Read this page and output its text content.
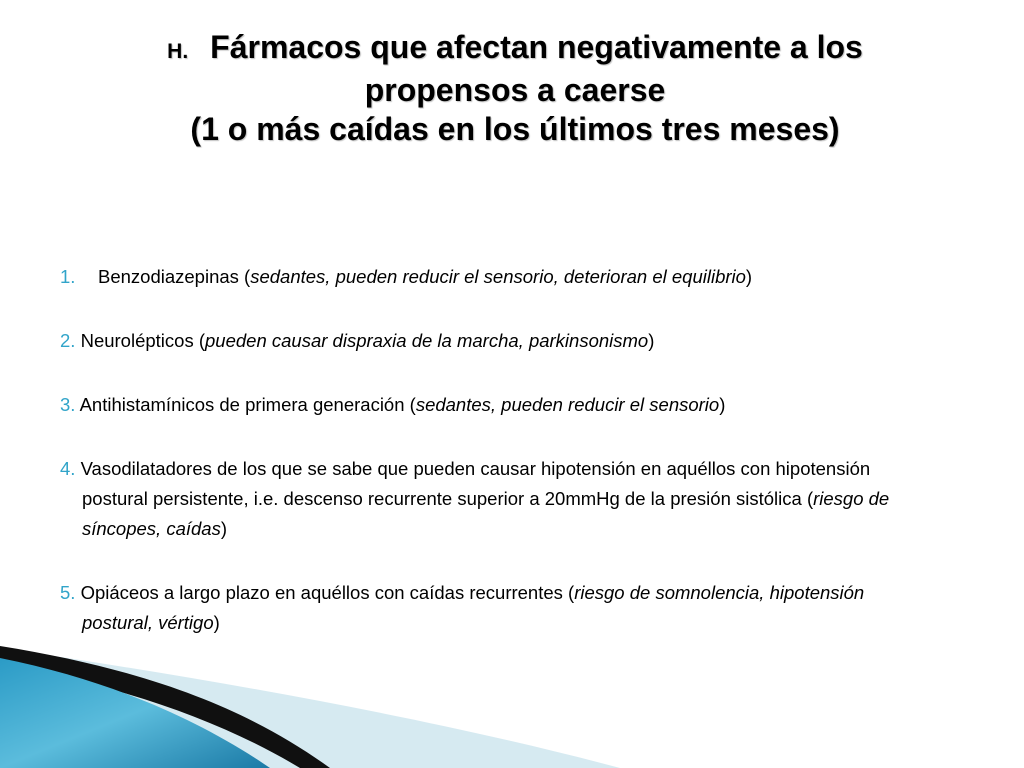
H. Fármacos que afectan negativamente a los
propensos a caerse
(1 o más caídas en los últimos tres meses)
1. Benzodiazepinas (sedantes, pueden reducir el sensorio, deterioran el equilibrio)
2. Neurolépticos (pueden causar dispraxia de la marcha, parkinsonismo)
3. Antihistamínicos de primera generación (sedantes, pueden reducir el sensorio)
4. Vasodilatadores de los que se sabe que pueden causar hipotensión en aquéllos con hipotensión postural persistente, i.e. descenso recurrente superior a 20mmHg de la presión sistólica (riesgo de síncopes, caídas)
5. Opiáceos a largo plazo en aquéllos con caídas recurrentes (riesgo de somnolencia, hipotensión postural, vértigo)
